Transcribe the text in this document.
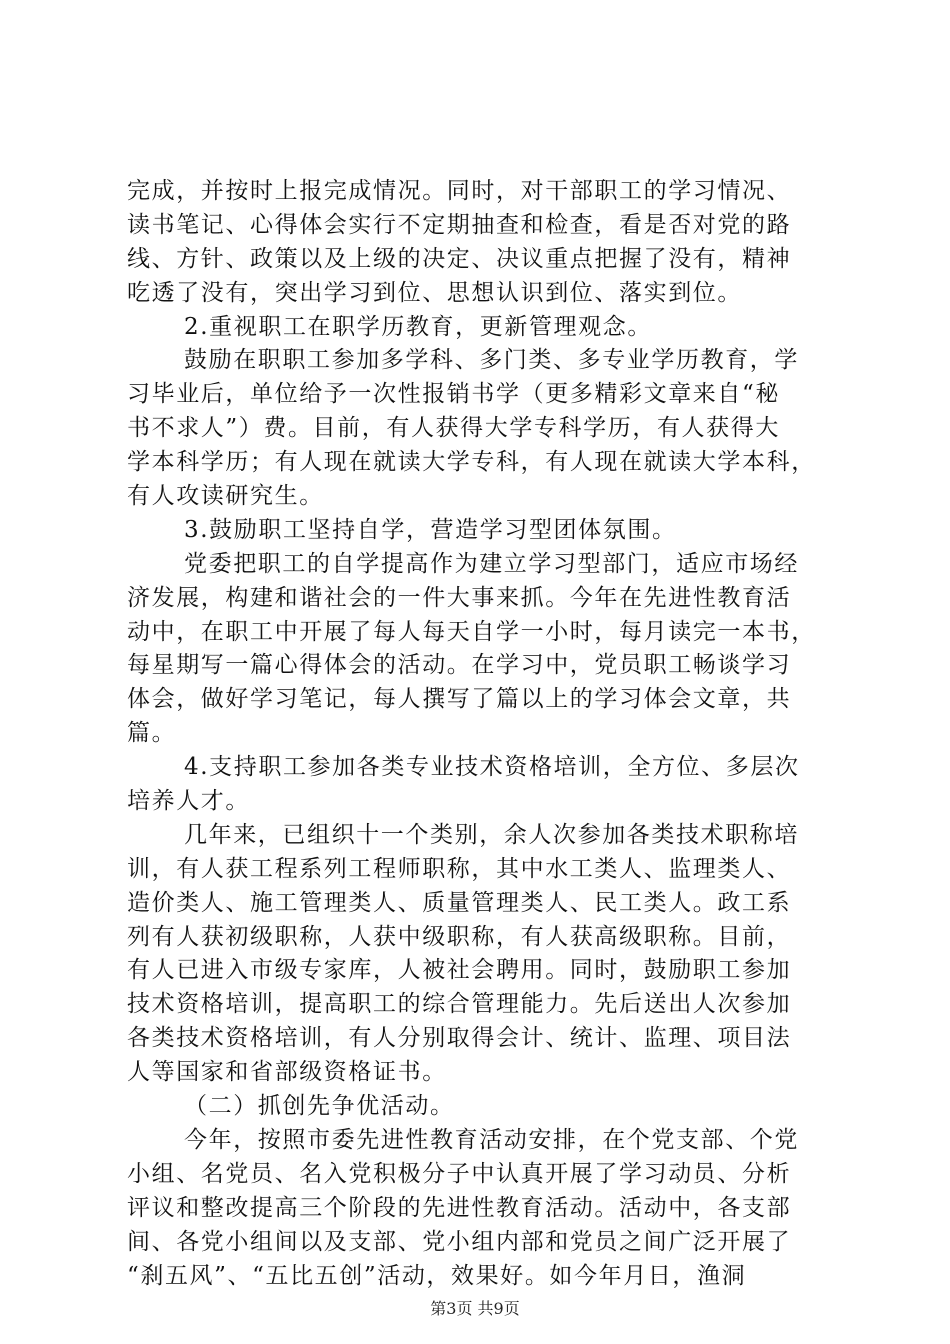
完成，并按时上报完成情况。同时，对干部职工的学习情况、
读书笔记、心得体会实行不定期抽查和检查，看是否对党的路
线、方针、政策以及上级的决定、决议重点把握了没有，精神
吃透了没有，突出学习到位、思想认识到位、落实到位。
2.重视职工在职学历教育，更新管理观念。
鼓励在职职工参加多学科、多门类、多专业学历教育，学
习毕业后，单位给予一次性报销书学（更多精彩文章来自“秘
书不求人”）费。目前，有人获得大学专科学历，有人获得大
学本科学历；有人现在就读大学专科，有人现在就读大学本科，
有人攻读研究生。
3.鼓励职工坚持自学，营造学习型团体氛围。
党委把职工的自学提高作为建立学习型部门，适应市场经
济发展，构建和谐社会的一件大事来抓。今年在先进性教育活
动中，在职工中开展了每人每天自学一小时，每月读完一本书，
每星期写一篇心得体会的活动。在学习中，党员职工畅谈学习
体会，做好学习笔记，每人撰写了篇以上的学习体会文章，共
篇。
4.支持职工参加各类专业技术资格培训，全方位、多层次
培养人才。
几年来，已组织十一个类别，余人次参加各类技术职称培
训，有人获工程系列工程师职称，其中水工类人、监理类人、
造价类人、施工管理类人、质量管理类人、民工类人。政工系
列有人获初级职称，人获中级职称，有人获高级职称。目前，
有人已进入市级专家库，人被社会聘用。同时，鼓励职工参加
技术资格培训，提高职工的综合管理能力。先后送出人次参加
各类技术资格培训，有人分别取得会计、统计、监理、项目法
人等国家和省部级资格证书。
（二）抓创先争优活动。
今年，按照市委先进性教育活动安排，在个党支部、个党
小组、名党员、名入党积极分子中认真开展了学习动员、分析
评议和整改提高三个阶段的先进性教育活动。活动中，各支部
间、各党小组间以及支部、党小组内部和党员之间广泛开展了
“刹五风”、“五比五创”活动，效果好。如今年月日，渔洞
第3页 共9页
